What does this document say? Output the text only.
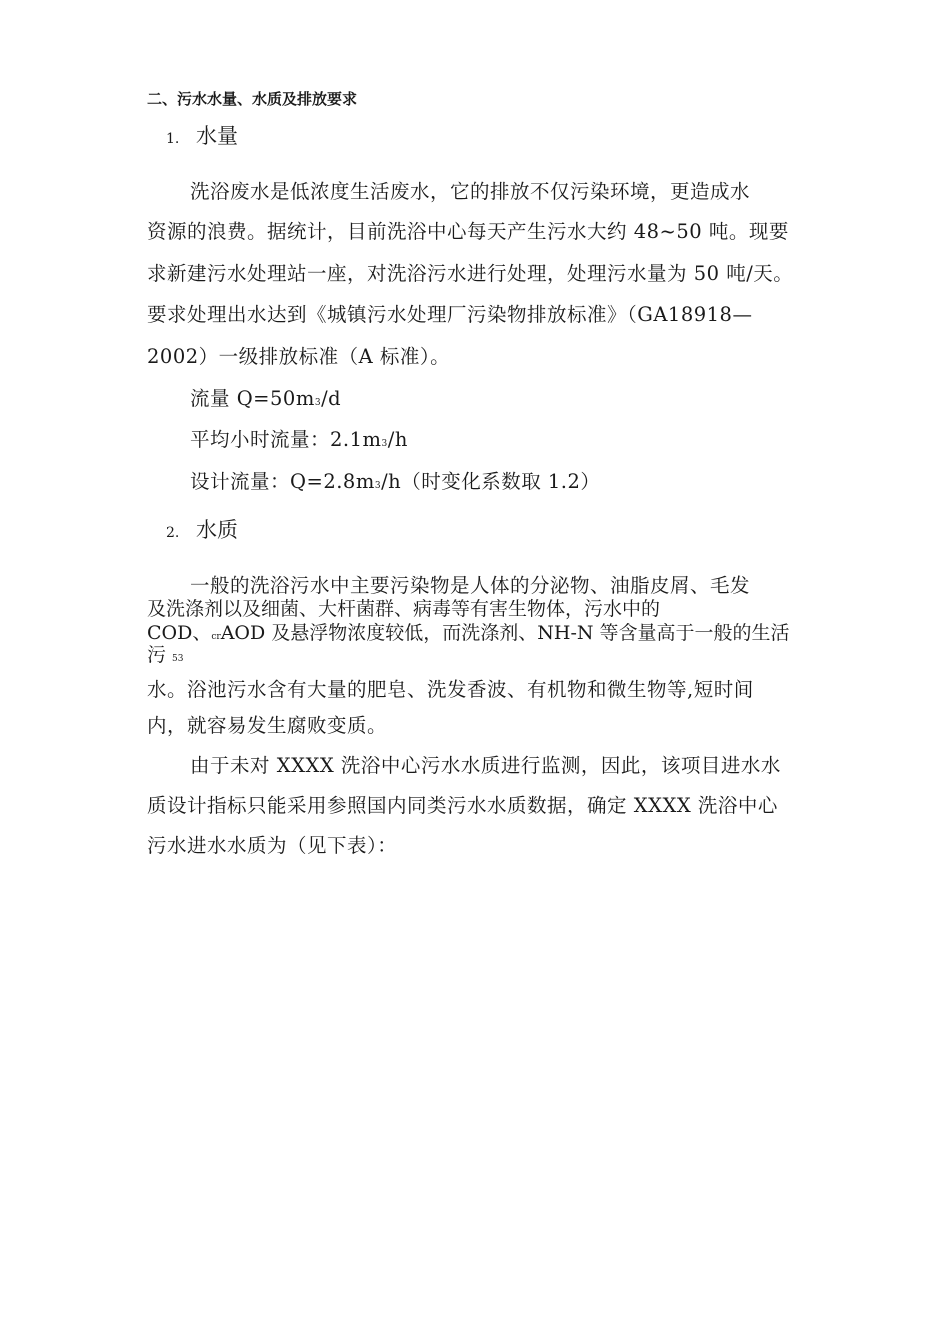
二、污水水量、水质及排放要求
1. 水量
洗浴废水是低浓度生活废水，它的排放不仅污染环境，更造成水
资源的浪费。据统计，目前洗浴中心每天产生污水大约 48~50 吨。现要
求新建污水处理站一座，对洗浴污水进行处理，处理污水量为 50 吨/天。
要求处理出水达到《城镇污水处理厂污染物排放标准》（GA18918—
2002）一级排放标准（A 标准）。
流量 Q=50m3/d
平均小时流量：2.1m3/h
设计流量：Q=2.8m3/h（时变化系数取 1.2）
2. 水质
一般的洗浴污水中主要污染物是人体的分泌物、油脂皮屑、毛发
及洗涤剂以及细菌、大杆菌群、病毒等有害生物体，污水中的
COD、crAOD 及悬浮物浓度较低，而洗涤剂、NH-N 等含量高于一般的生活
污 53
水。浴池污水含有大量的肥皂、洗发香波、有机物和微生物等,短时间
内，就容易发生腐败变质。
由于未对 XXXX 洗浴中心污水水质进行监测，因此，该项目进水水
质设计指标只能采用参照国内同类污水水质数据，确定 XXXX 洗浴中心
污水进水水质为（见下表）：
